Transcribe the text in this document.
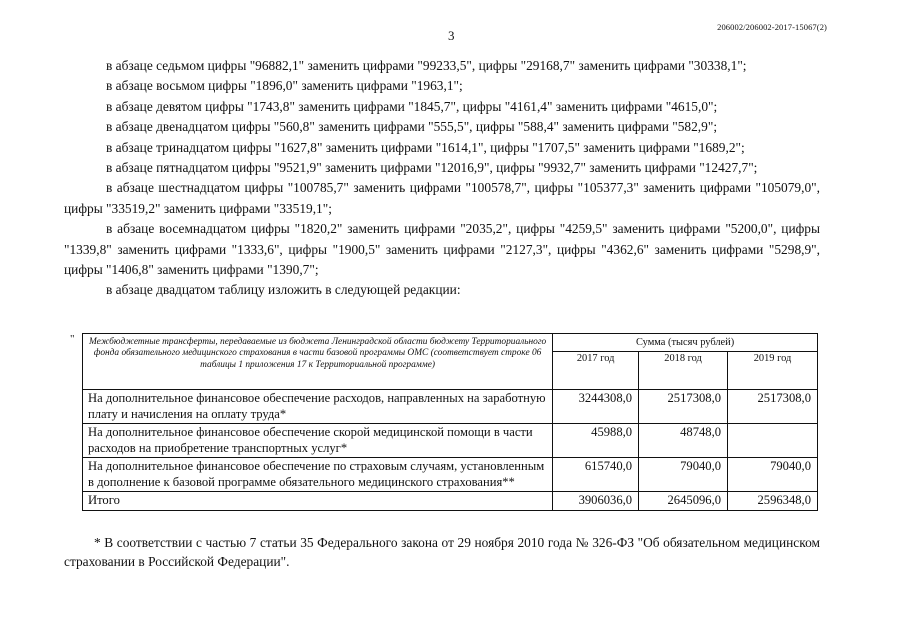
3
206002/206002-2017-15067(2)

в абзаце седьмом цифры "96882,1" заменить цифрами "99233,5", цифры "29168,7" заменить цифрами "30338,1";

в абзаце восьмом цифры "1896,0" заменить цифрами "1963,1";

в абзаце девятом цифры "1743,8" заменить цифрами "1845,7", цифры "4161,4" заменить цифрами "4615,0";

в абзаце двенадцатом цифры "560,8" заменить цифрами "555,5", цифры "588,4" заменить цифрами "582,9";

в абзаце тринадцатом цифры "1627,8" заменить цифрами "1614,1", цифры "1707,5" заменить цифрами "1689,2";

в абзаце пятнадцатом цифры "9521,9" заменить цифрами "12016,9", цифры "9932,7" заменить цифрами "12427,7";

в абзаце шестнадцатом цифры "100785,7" заменить цифрами "100578,7", цифры "105377,3" заменить цифрами "105079,0", цифры "33519,2" заменить цифрами "33519,1";

в абзаце восемнадцатом цифры "1820,2" заменить цифрами "2035,2", цифры "4259,5" заменить цифрами "5200,0", цифры "1339,8" заменить цифрами "1333,6", цифры "1900,5" заменить цифрами "2127,3", цифры "4362,6" заменить цифрами "5298,9", цифры "1406,8" заменить цифрами "1390,7";

в абзаце двадцатом таблицу изложить в следующей редакции:

" Межбюджетные трансферты, передаваемые из бюджета Ленинградской области бюджету Территориального фонда обязательного медицинского страхования в части базовой программы ОМС (соответствует строке 06 таблицы 1 приложения 17 к Территориальной программе)	Сумма (тысяч рублей)		
	2017 год	2018 год	2019 год
На дополнительное финансовое обеспечение расходов, направленных на заработную плату и начисления на оплату труда*	3244308,0	2517308,0	2517308,0
На дополнительное финансовое обеспечение скорой медицинской помощи в части расходов на приобретение транспортных услуг*	45988,0	48748,0	
На дополнительное финансовое обеспечение по страховым случаям, установленным в дополнение к базовой программе обязательного медицинского страхования**	615740,0	79040,0	79040,0
Итого	3906036,0	2645096,0	2596348,0

* В соответствии с частью 7 статьи 35 Федерального закона от 29 ноября 2010 года № 326-ФЗ "Об обязательном медицинском страховании в Российской Федерации".
